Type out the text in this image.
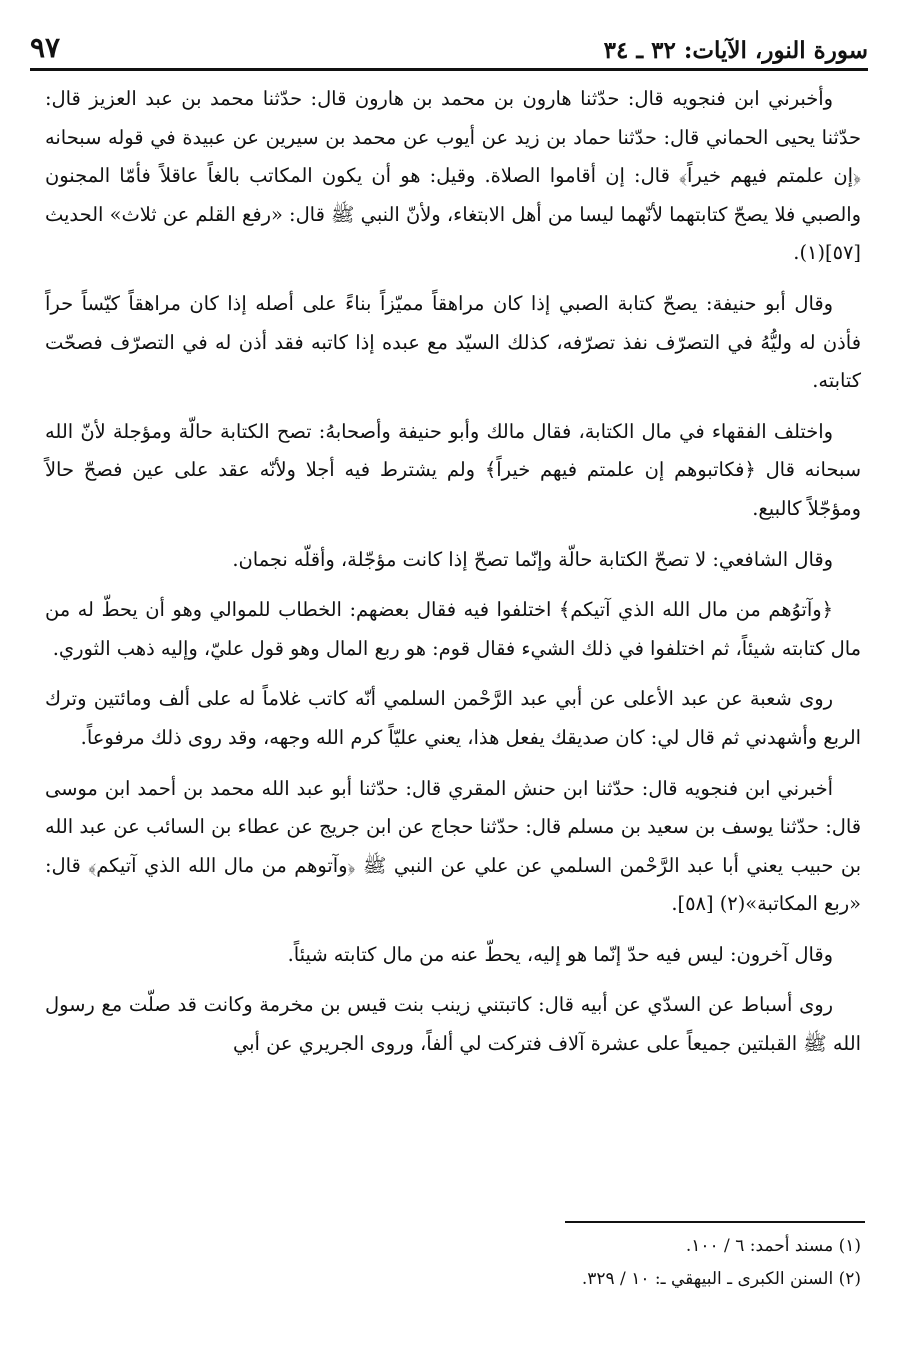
سورة النور، الآيات: ٣٢ ـ ٣٤
٩٧

وأخبرني ابن فنجويه قال: حدّثنا هارون بن محمد بن هارون قال: حدّثنا محمد بن عبد العزيز قال: حدّثنا يحيى الحماني قال: حدّثنا حماد بن زيد عن أيوب عن محمد بن سيرين عن عبيدة في قوله سبحانه ﴿إن علمتم فيهم خيراً﴾ قال: إن أقاموا الصلاة. وقيل: هو أن يكون المكاتب بالغاً عاقلاً فأمّا المجنون والصبي فلا يصحّ كتابتهما لأنّهما ليسا من أهل الابتغاء، ولأنّ النبي ﷺ قال: «رفع القلم عن ثلاث» الحديث [٥٧](١).

وقال أبو حنيفة: يصحّ كتابة الصبي إذا كان مراهقاً مميّزاً بناءً على أصله إذا كان مراهقاً كيّساً حراً فأذن له وليُّهُ في التصرّف نفذ تصرّفه، كذلك السيّد مع عبده إذا كاتبه فقد أذن له في التصرّف فصحّت كتابته.

واختلف الفقهاء في مال الكتابة، فقال مالك وأبو حنيفة وأصحابهُ: تصح الكتابة حالّة ومؤجلة لأنّ الله سبحانه قال ﴿فكاتبوهم إن علمتم فيهم خيراً﴾ ولم يشترط فيه أجلا ولأنّه عقد على عين فصحّ حالاً ومؤجّلاً كالبيع.

وقال الشافعي: لا تصحّ الكتابة حالّة وإنّما تصحّ إذا كانت مؤجّلة، وأقلّه نجمان.

﴿وآتوُهم من مال الله الذي آتيكم﴾ اختلفوا فيه فقال بعضهم: الخطاب للموالي وهو أن يحطّ له من مال كتابته شيئاً، ثم اختلفوا في ذلك الشيء فقال قوم: هو ربع المال وهو قول عليّ، وإليه ذهب الثوري.

روى شعبة عن عبد الأعلى عن أبي عبد الرَّحْمن السلمي أنّه كاتب غلاماً له على ألف ومائتين وترك الربع وأشهدني ثم قال لي: كان صديقك يفعل هذا، يعني عليّاً كرم الله وجهه، وقد روى ذلك مرفوعاً.

أخبرني ابن فنجويه قال: حدّثنا ابن حنش المقري قال: حدّثنا أبو عبد الله محمد بن أحمد ابن موسى قال: حدّثنا يوسف بن سعيد بن مسلم قال: حدّثنا حجاج عن ابن جريج عن عطاء بن السائب عن عبد الله بن حبيب يعني أبا عبد الرَّحْمن السلمي عن علي عن النبي ﷺ ﴿وآتوهم من مال الله الذي آتيكم﴾ قال: «ربع المكاتبة»(٢) [٥٨].

وقال آخرون: ليس فيه حدّ إنّما هو إليه، يحطّ عنه من مال كتابته شيئاً.

روى أسباط عن السدّي عن أبيه قال: كاتبتني زينب بنت قيس بن مخرمة وكانت قد صلّت مع رسول الله ﷺ القبلتين جميعاً على عشرة آلاف فتركت لي ألفاً، وروى الجريري عن أبي

(١) مسند أحمد: ٦ / ١٠٠.

(٢) السنن الكبرى ـ البيهقي ـ: ١٠ / ٣٢٩.
